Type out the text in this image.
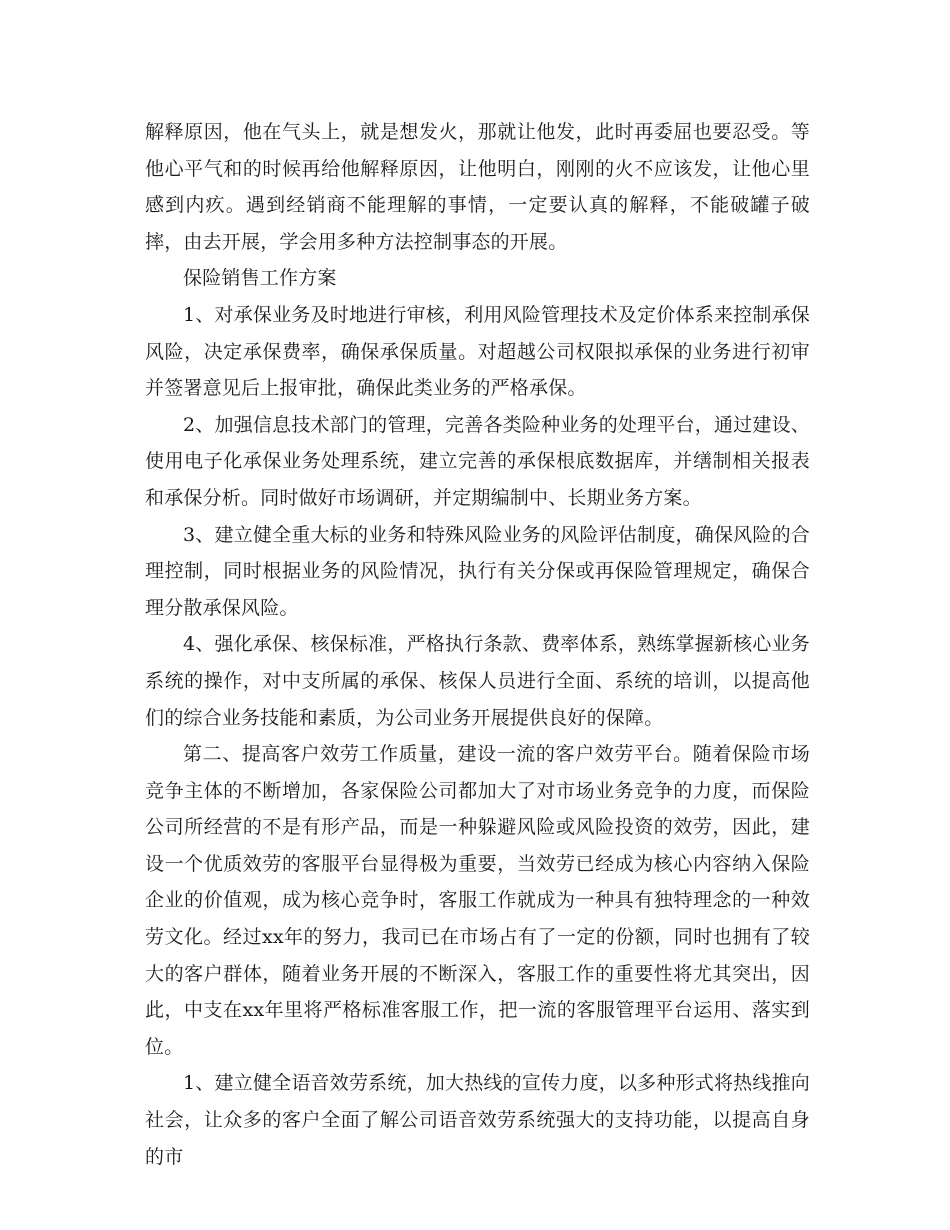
解释原因，他在气头上，就是想发火，那就让他发，此时再委屈也要忍受。等他心平气和的时候再给他解释原因，让他明白，刚刚的火不应该发，让他心里感到内疚。遇到经销商不能理解的事情，一定要认真的解释，不能破罐子破摔，由去开展，学会用多种方法控制事态的开展。

保险销售工作方案

1、对承保业务及时地进行审核，利用风险管理技术及定价体系来控制承保风险，决定承保费率，确保承保质量。对超越公司权限拟承保的业务进行初审并签署意见后上报审批，确保此类业务的严格承保。

2、加强信息技术部门的管理，完善各类险种业务的处理平台，通过建设、使用电子化承保业务处理系统，建立完善的承保根底数据库，并缮制相关报表和承保分析。同时做好市场调研，并定期编制中、长期业务方案。

3、建立健全重大标的业务和特殊风险业务的风险评估制度，确保风险的合理控制，同时根据业务的风险情况，执行有关分保或再保险管理规定，确保合理分散承保风险。

4、强化承保、核保标准，严格执行条款、费率体系，熟练掌握新核心业务系统的操作，对中支所属的承保、核保人员进行全面、系统的培训，以提高他们的综合业务技能和素质，为公司业务开展提供良好的保障。

第二、提高客户效劳工作质量，建设一流的客户效劳平台。随着保险市场竞争主体的不断增加，各家保险公司都加大了对市场业务竞争的力度，而保险公司所经营的不是有形产品，而是一种躲避风险或风险投资的效劳，因此，建设一个优质效劳的客服平台显得极为重要，当效劳已经成为核心内容纳入保险企业的价值观，成为核心竞争时，客服工作就成为一种具有独特理念的一种效劳文化。经过xx年的努力，我司已在市场占有了一定的份额，同时也拥有了较大的客户群体，随着业务开展的不断深入，客服工作的重要性将尤其突出，因此，中支在xx年里将严格标准客服工作，把一流的客服管理平台运用、落实到位。

1、建立健全语音效劳系统，加大热线的宣传力度，以多种形式将热线推向社会，让众多的客户全面了解公司语音效劳系统强大的支持功能，以提高自身的市
